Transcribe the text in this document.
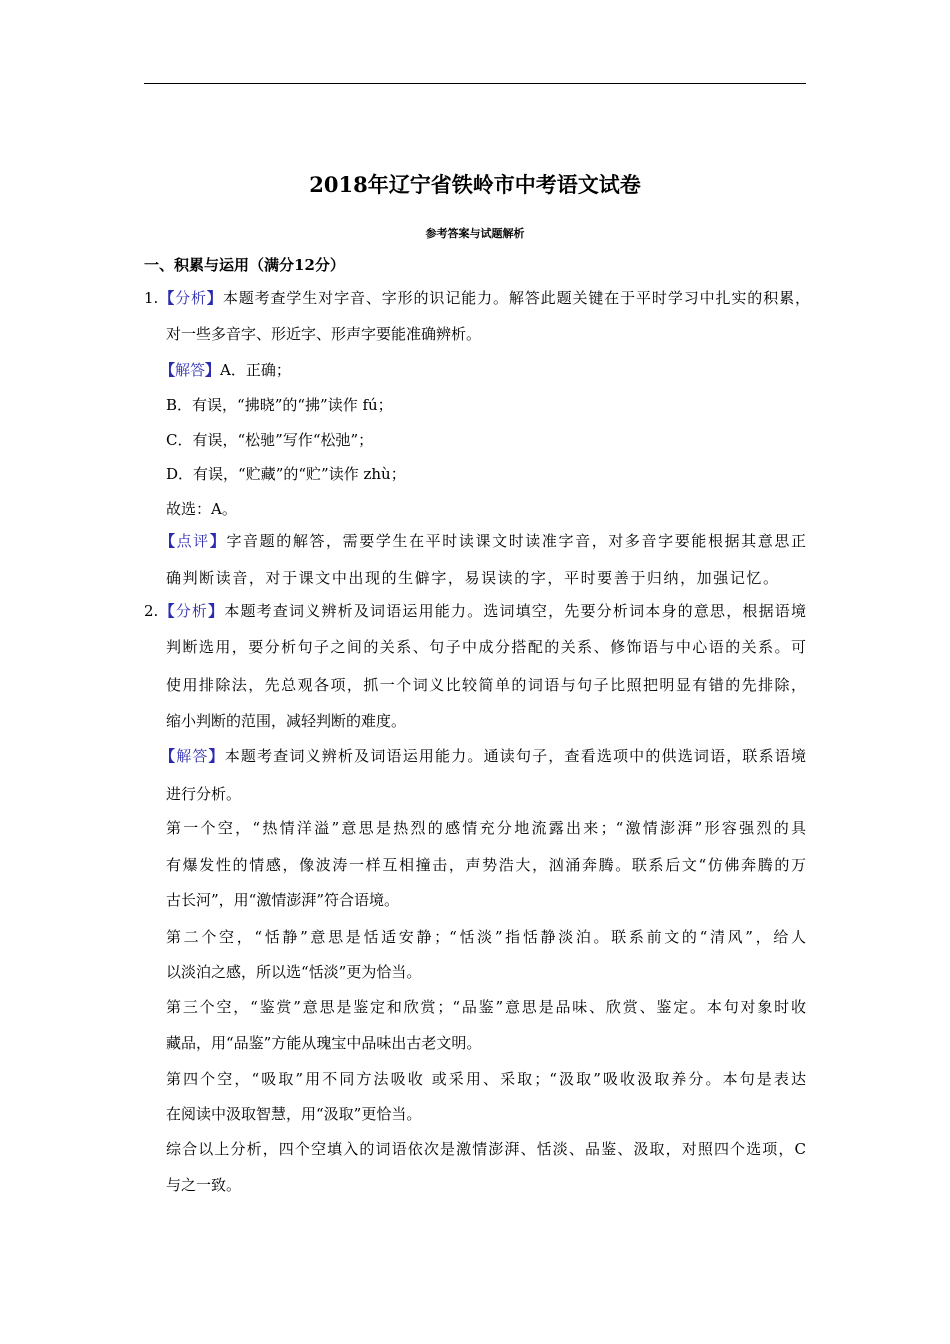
2018年辽宁省铁岭市中考语文试卷
参考答案与试题解析
一、积累与运用（满分12分）
1.【分析】本题考查学生对字音、字形的识记能力。解答此题关键在于平时学习中扎实的积累，
对一些多音字、形近字、形声字要能准确辨析。
【解答】A．正确；
B．有误，“拂晓”的“拂”读作 fú；
C．有误，“松驰”写作“松弛”；
D．有误，“贮藏”的“贮”读作 zhù；
故选：A。
【点评】字音题的解答，需要学生在平时读课文时读准字音，对多音字要能根据其意思正
确判断读音，对于课文中出现的生僻字，易误读的字，平时要善于归纳，加强记忆。
2.【分析】本题考查词义辨析及词语运用能力。选词填空，先要分析词本身的意思，根据语境
判断选用，要分析句子之间的关系、句子中成分搭配的关系、修饰语与中心语的关系。可
使用排除法，先总观各项，抓一个词义比较简单的词语与句子比照把明显有错的先排除，
缩小判断的范围，减轻判断的难度。
【解答】本题考查词义辨析及词语运用能力。通读句子，查看选项中的供选词语，联系语境
进行分析。
第一个空，“热情洋溢”意思是热烈的感情充分地流露出来；“激情澎湃”形容强烈的具
有爆发性的情感，像波涛一样互相撞击，声势浩大，汹涌奔腾。联系后文“仿佛奔腾的万
古长河”，用“激情澎湃”符合语境。
第二个空，“恬静”意思是恬适安静；“恬淡”指恬静淡泊。联系前文的“清风”，给人
以淡泊之感，所以选“恬淡”更为恰当。
第三个空，“鉴赏”意思是鉴定和欣赏；“品鉴”意思是品味、欣赏、鉴定。本句对象时收
藏品，用“品鉴”方能从瑰宝中品味出古老文明。
第四个空，“吸取”用不同方法吸收 或采用、采取；“汲取”吸收汲取养分。本句是表达
在阅读中汲取智慧，用“汲取”更恰当。
综合以上分析，四个空填入的词语依次是激情澎湃、恬淡、品鉴、汲取，对照四个选项，C
与之一致。
